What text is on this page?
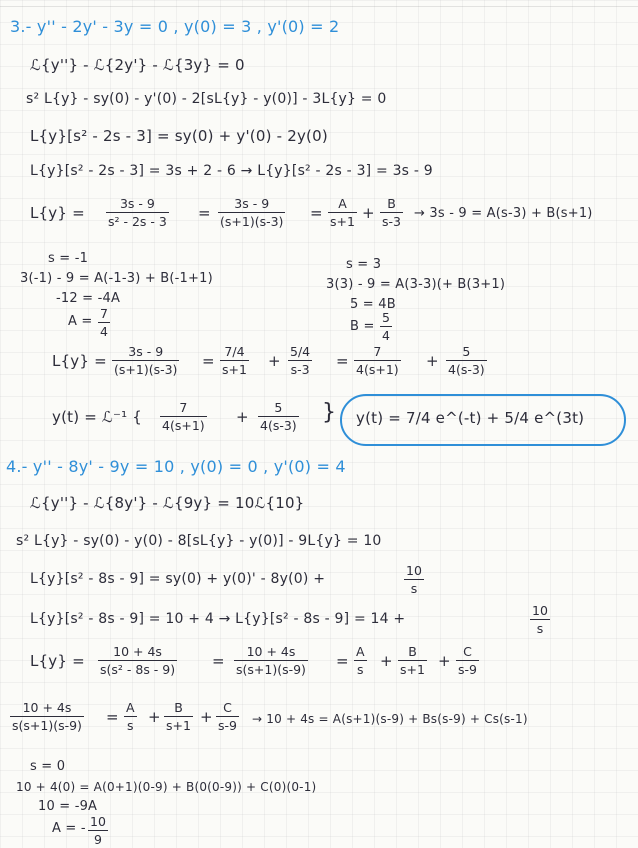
3.- y'' - 2y' - 3y = 0 , y(0) = 3 , y'(0) = 2
ℒ{y''} - ℒ{2y'} - ℒ{3y} = 0
s² L{y} - sy(0) - y'(0) - 2[sL{y} - y(0)] - 3L{y} = 0
L{y}[s² - 2s - 3] = sy(0) + y'(0) - 2y(0)
L{y}[s² - 2s - 3] = 3s + 2 - 6 → L{y}[s² - 2s - 3] = 3s - 9
L{y} =
3s - 9
s² - 2s - 3 =
3s - 9
(s+1)(s-3) =
A
s+1 +
B
s-3
→ 3s - 9 = A(s-3) + B(s+1)
s = -1
3(-1) - 9 = A(-1-3) + B(-1+1)
-12 = -4A
A =
7
4
s = 3
3(3) - 9 = A(3-3)(+ B(3+1)
5 = 4B
B =
5
4
L{y} =
3s - 9
(s+1)(s-3) =
7/4
s+1 +
5/4
s-3 =
7
4(s+1) +
5
4(s-3)
y(t) = ℒ⁻¹ {
7
4(s+1) +
5
4(s-3)
} y(t) = 7/4 e^(-t) + 5/4 e^(3t)
4.- y'' - 8y' - 9y = 10 , y(0) = 0 , y'(0) = 4
ℒ{y''} - ℒ{8y'} - ℒ{9y} = 10ℒ{10}
s² L{y} - sy(0) - y(0) - 8[sL{y} - y(0)] - 9L{y} = 10
L{y}[s² - 8s - 9] = sy(0) + y(0)' - 8y(0) +
10
s
L{y}[s² - 8s - 9] = 10 + 4 → L{y}[s² - 8s - 9] = 14 +
10
s
L{y} =
10 + 4s
s(s² - 8s - 9) =
10 + 4s
s(s+1)(s-9) =
A
s +
B
s+1 +
C
s-9
10 + 4s
s(s+1)(s-9) =
A
s +
B
s+1 +
C
s-9 → 10 + 4s = A(s+1)(s-9) + Bs(s-9) + Cs(s-1)
s = 0
10 + 4(0) = A(0+1)(0-9) + B(0(0-9)) + C(0)(0-1)
10 = -9A
A = - 10
9
